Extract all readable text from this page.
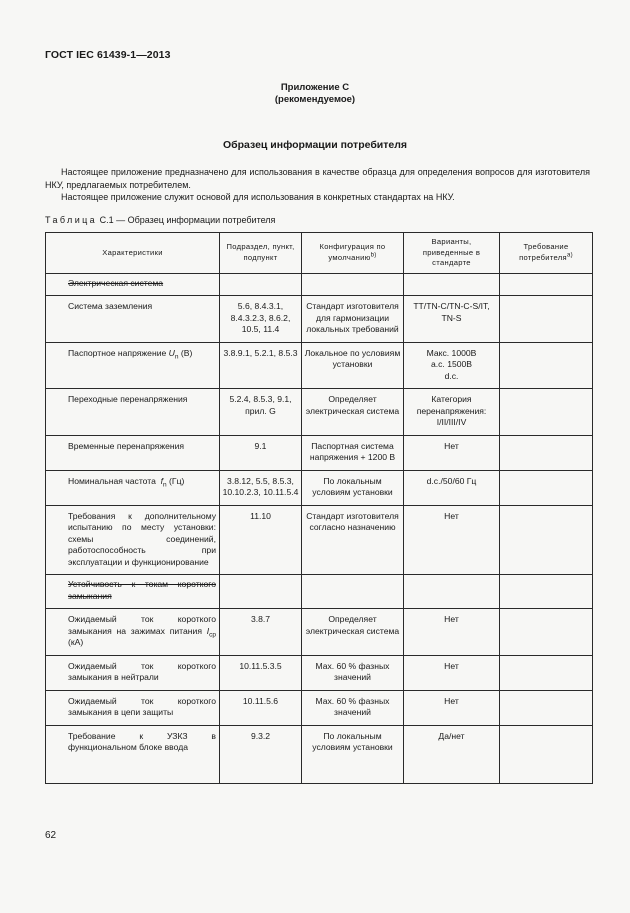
ГОСТ IEC 61439-1—2013
Приложение С
(рекомендуемое)
Образец информации потребителя
Настоящее приложение предназначено для использования в качестве образца для определения вопросов для изготовителя НКУ, предлагаемых потребителем.
Настоящее приложение служит основой для использования в конкретных стандартах на НКУ.
Таблица С.1 — Образец информации потребителя
Характеристики	Подраздел, пункт, подпункт	Конфигурация по умолчанию$^{b)}$	Варианты, приведенные в стандарте	Требование потребителя$^{a)}$
Электрическая система				
Система заземления	5.6, 8.4.3.1, 8.4.3.2.3, 8.6.2, 10.5, 11.4	Стандарт изготовителя для гармонизации локальных требований	TT/TN-C/TN-C-S/IT, TN-S	
Паспортное напряжение $U_n$ (В)	3.8.9.1, 5.2.1, 8.5.3	Локальное по условиям установки	Макс. 1000В а.с. 1500В d.c.	
Переходные перенапряжения	5.2.4, 8.5.3, 9.1, прил. G	Определяет электрическая система	Категория перенапряжения: I/II/III/IV	
Временные перенапряжения	9.1	Паспортная система напряжения + 1200 В	Нет	
Номинальная частота  $f_n$ (Гц)	3.8.12, 5.5, 8.5.3, 10.10.2.3, 10.11.5.4	По локальным условиям установки	d.c./50/60 Гц	
Требования к дополнительному испытанию по месту установки: схемы соединений, работоспособность при эксплуатации и функционирование	11.10	Стандарт изготовителя согласно назначению	Нет	
Устойчивость к токам короткого замыкания				
Ожидаемый ток короткого замыкания на зажимах питания $I_{cp}$ (кА)	3.8.7	Определяет электрическая система	Нет	
Ожидаемый ток короткого замыкания в нейтрали	10.11.5.3.5	Max. 60 % фазных значений	Нет	
Ожидаемый ток короткого замыкания в цепи защиты	10.11.5.6	Max. 60 % фазных значений	Нет	
Требование к УЗКЗ в функциональном блоке ввода	9.3.2	По локальным условиям установки	Да/нет	
62
